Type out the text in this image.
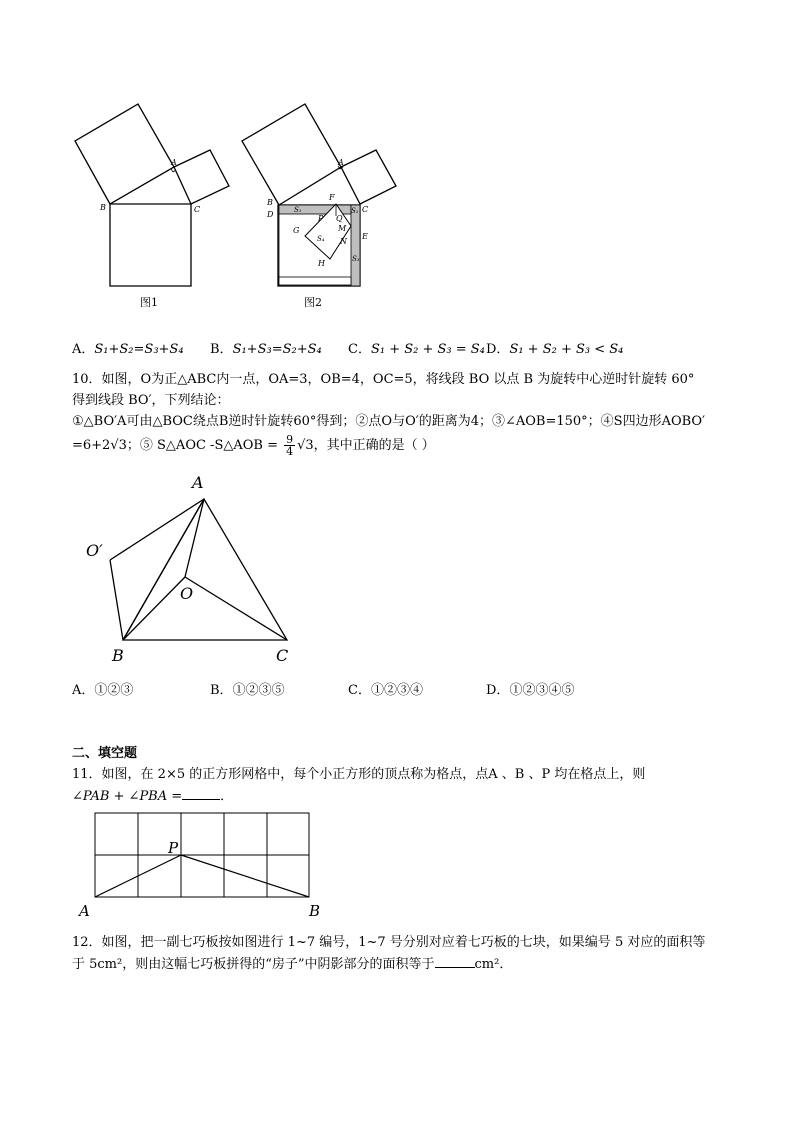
A
B	C
图1
A
B
D
C
F
S₁	S₂
P Q
M
N
G
S₄	E
H	S₃
图2
A．S₁+S₂=S₃+S₄ B．S₁+S₃=S₂+S₄ C．S₁ + S₂ + S₃ = S₄ D．S₁ + S₂ + S₃ < S₄
10．如图，O为正△ABC内一点，OA=3，OB=4，OC=5，将线段 BO 以点 B 为旋转中心逆时针旋转 60°
得到线段 BO′，下列结论：
①△BO′A可由△BOC绕点B逆时针旋转60°得到；②点O与O′的距离为4；③∠AOB=150°；④S四边形AOBO′
=6+2√3；⑤ S△AOC -S△AOB = $\frac{9}{4} √3$，其中正确的是（ ）
A
O′
O
B	C
A．①②③	B．①②③⑤	C．①②③④	D．①②③④⑤
二、填空题
11．如图，在 2×5 的正方形网格中，每个小正方形的顶点称为格点，点A 、B 、P 均在格点上，则
∠PAB + ∠PBA =	．
P
A	B
12．如图，把一副七巧板按如图进行 1~7 编号，1~7 号分别对应着七巧板的七块，如果编号 5 对应的面积等
于 5cm²，则由这幅七巧板拼得的“房子”中阴影部分的面积等于	cm²．
